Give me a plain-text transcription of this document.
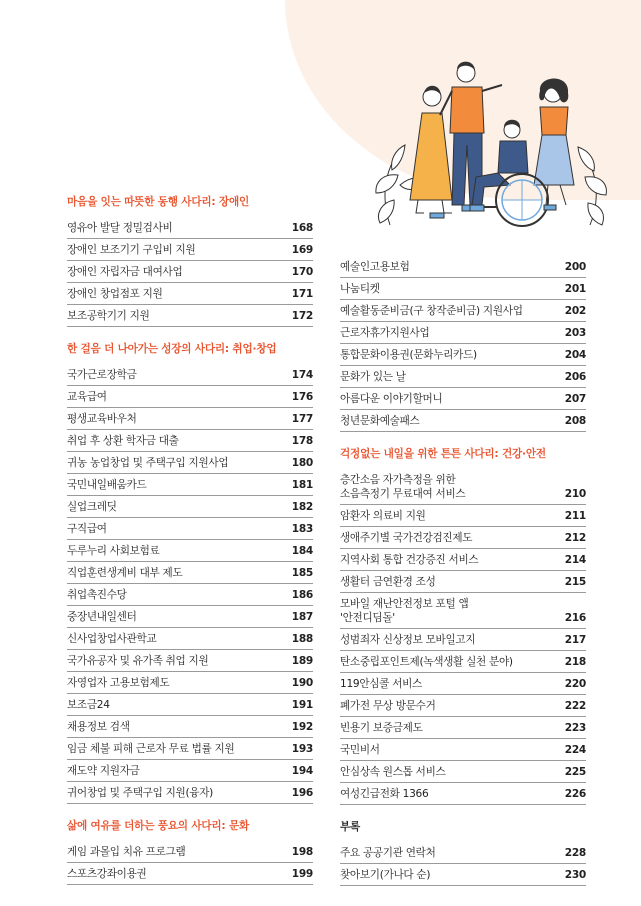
마음을 잇는 따뜻한 동행 사다리: 장애인
영유아 발달 정밀검사비	168
장애인 보조기기 구입비 지원	169
장애인 자립자금 대여사업	170
장애인 창업점포 지원	171
보조공학기기 지원	172
한 걸음 더 나아가는 성장의 사다리: 취업·창업
국가근로장학금	174
교육급여	176
평생교육바우처	177
취업 후 상환 학자금 대출	178
귀농 농업창업 및 주택구입 지원사업	180
국민내일배움카드	181
실업크레딧	182
구직급여	183
두루누리 사회보험료	184
직업훈련생계비 대부 제도	185
취업촉진수당	186
중장년내일센터	187
신사업창업사관학교	188
국가유공자 및 유가족 취업 지원	189
자영업자 고용보험제도	190
보조금24	191
채용정보 검색	192
임금 체불 피해 근로자 무료 법률 지원	193
재도약 지원자금	194
귀어창업 및 주택구입 지원(융자)	196
삶에 여유를 더하는 풍요의 사다리: 문화
게임 과몰입 치유 프로그램	198
스포츠강좌이용권	199
예술인고용보험	200
나눔티켓	201
예술활동준비금(구 창작준비금) 지원사업	202
근로자휴가지원사업	203
통합문화이용권(문화누리카드)	204
문화가 있는 날	206
아름다운 이야기할머니	207
청년문화예술패스	208
걱정없는 내일을 위한 튼튼 사다리: 건강·안전
층간소음 자가측정을 위한
소음측정기 무료대여 서비스	210
암환자 의료비 지원	211
생애주기별 국가건강검진제도	212
지역사회 통합 건강증진 서비스	214
생활터 금연환경 조성	215
모바일 재난안전정보 포털 앱
'안전디딤돌'	216
성범죄자 신상정보 모바일고지	217
탄소중립포인트제(녹색생활 실천 분야)	218
119안심콜 서비스	220
폐가전 무상 방문수거	222
빈용기 보증금제도	223
국민비서	224
안심상속 원스톱 서비스	225
여성긴급전화 1366	226
부록
주요 공공기관 연락처	228
찾아보기(가나다 순)	230
